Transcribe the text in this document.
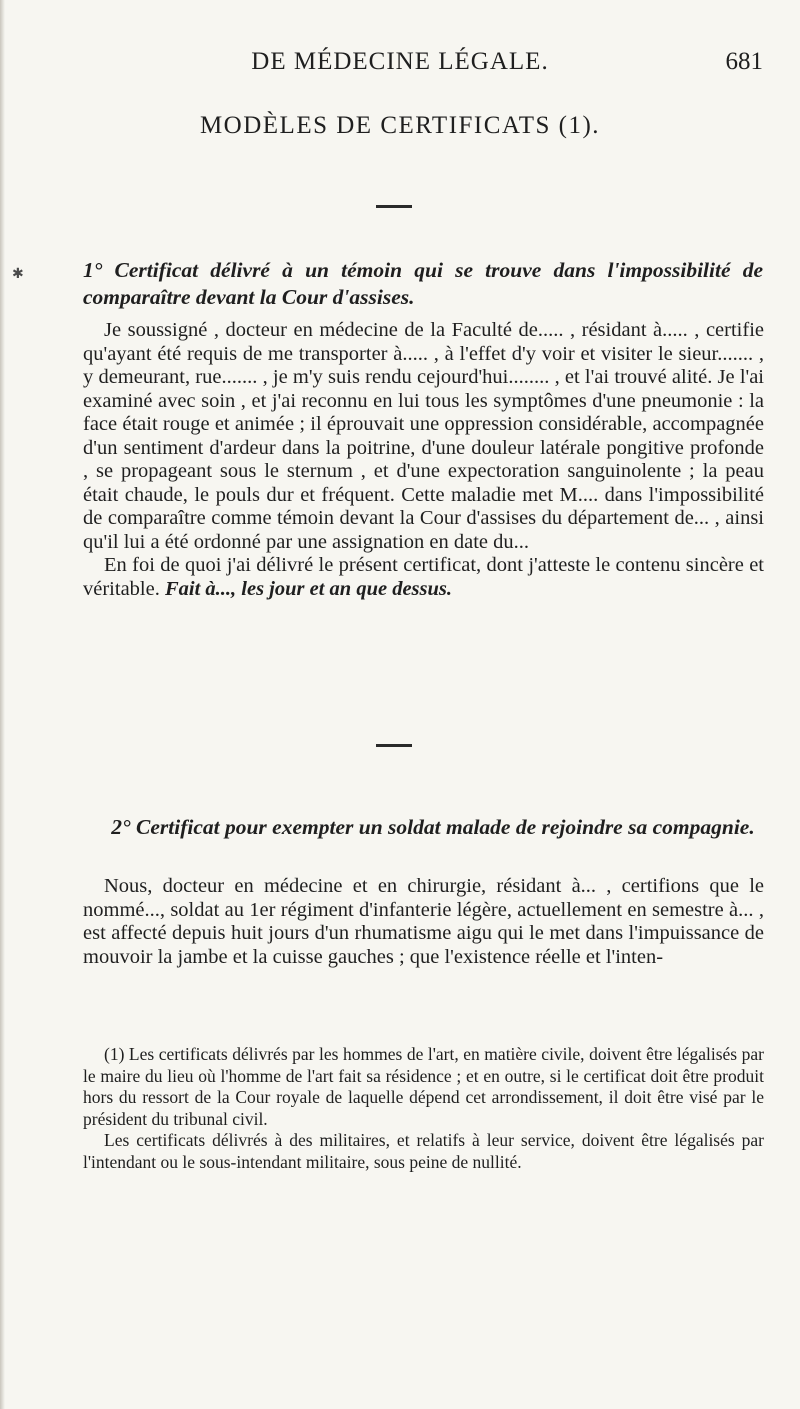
DE MÉDECINE LÉGALE.	681
MODÈLES DE CERTIFICATS (1).
✱	1° Certificat délivré à un témoin qui se trouve dans l'impossibilité de comparaître devant la Cour d'assises.

Je soussigné , docteur en médecine de la Faculté de..... , résidant à..... , certifie qu'ayant été requis de me transporter à..... , à l'effet d'y voir et visiter le sieur....... , y demeurant, rue....... , je m'y suis rendu cejourd'hui........ , et l'ai trouvé alité. Je l'ai examiné avec soin , et j'ai reconnu en lui tous les symptômes d'une pneumonie : la face était rouge et animée ; il éprouvait une oppression considérable, accompagnée d'un sentiment d'ardeur dans la poitrine, d'une douleur latérale pongitive profonde , se propageant sous le sternum , et d'une expectoration sanguinolente ; la peau était chaude, le pouls dur et fréquent. Cette maladie met M.... dans l'impossibilité de comparaître comme témoin devant la Cour d'assises du département de... , ainsi qu'il lui a été ordonné par une assignation en date du...

En foi de quoi j'ai délivré le présent certificat, dont j'atteste le contenu sincère et véritable. Fait à..., les jour et an que dessus.

2° Certificat pour exempter un soldat malade de rejoindre sa compagnie.

Nous, docteur en médecine et en chirurgie, résidant à... , certifions que le nommé..., soldat au 1er régiment d'infanterie légère, actuellement en semestre à... , est affecté depuis huit jours d'un rhumatisme aigu qui le met dans l'impuissance de mouvoir la jambe et la cuisse gauches ; que l'existence réelle et l'inten-

(1) Les certificats délivrés par les hommes de l'art, en matière civile, doivent être légalisés par le maire du lieu où l'homme de l'art fait sa résidence ; et en outre, si le certificat doit être produit hors du ressort de la Cour royale de laquelle dépend cet arrondissement, il doit être visé par le président du tribunal civil.

Les certificats délivrés à des militaires, et relatifs à leur service, doivent être légalisés par l'intendant ou le sous-intendant militaire, sous peine de nullité.
